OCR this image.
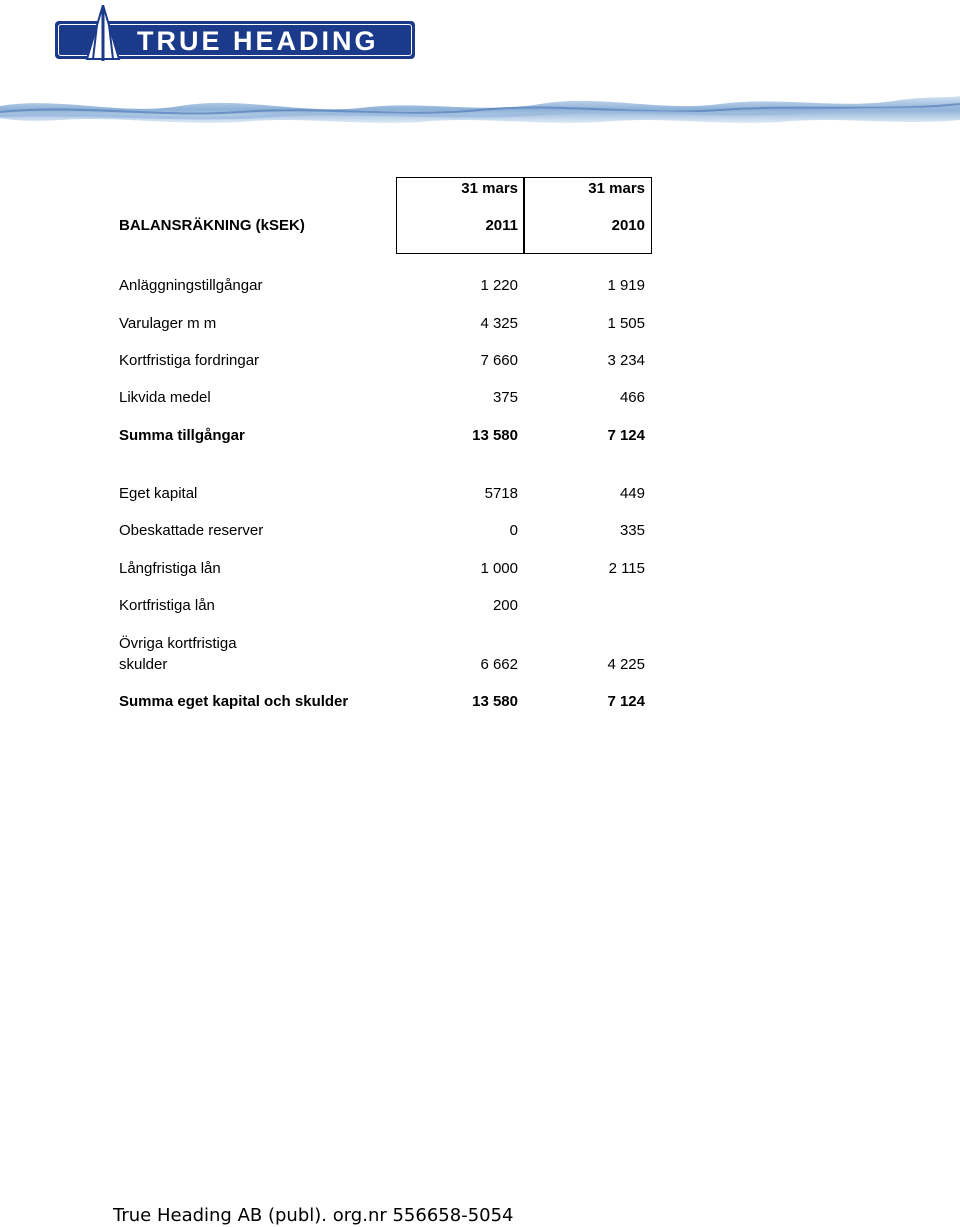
TRUE HEADING
31 mars	31 mars
BALANSRÄKNING (kSEK)	2011	2010
Anläggningstillgångar	1 220	1 919
Varulager m m	4 325	1 505
Kortfristiga fordringar	7 660	3 234
Likvida medel	375	466
Summa tillgångar	13 580	7 124
Eget kapital	5718	449
Obeskattade reserver	0	335
Långfristiga lån	1 000	2 115
Kortfristiga lån	200
Övriga kortfristiga
skulder	6 662	4 225
Summa eget kapital och skulder	13 580	7 124
True Heading AB (publ). org.nr 556658-5054
